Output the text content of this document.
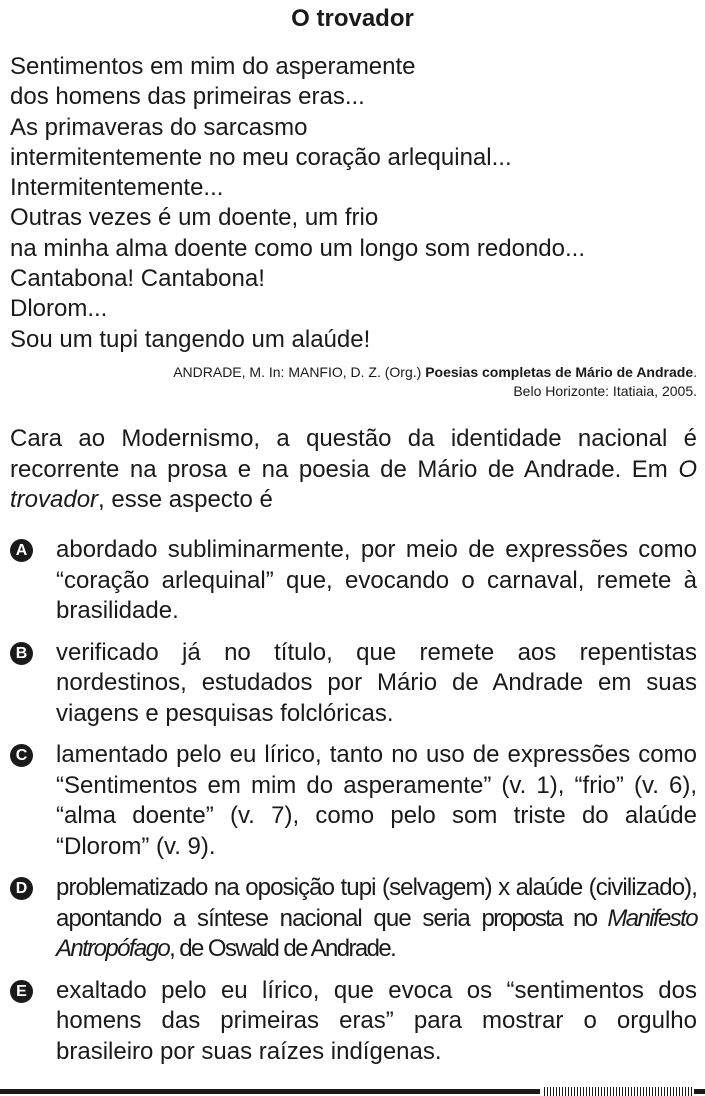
O trovador
Sentimentos em mim do asperamente
dos homens das primeiras eras...
As primaveras do sarcasmo
intermitentemente no meu coração arlequinal...
Intermitentemente...
Outras vezes é um doente, um frio
na minha alma doente como um longo som redondo...
Cantabona! Cantabona!
Dlorom...
Sou um tupi tangendo um alaúde!
ANDRADE, M. In: MANFIO, D. Z. (Org.) Poesias completas de Mário de Andrade.
Belo Horizonte: Itatiaia, 2005.
Cara ao Modernismo, a questão da identidade nacional é recorrente na prosa e na poesia de Mário de Andrade. Em O trovador, esse aspecto é
A abordado subliminarmente, por meio de expressões como “coração arlequinal” que, evocando o carnaval, remete à brasilidade.
B verificado já no título, que remete aos repentistas nordestinos, estudados por Mário de Andrade em suas viagens e pesquisas folclóricas.
C lamentado pelo eu lírico, tanto no uso de expressões como “Sentimentos em mim do asperamente” (v. 1), “frio” (v. 6), “alma doente” (v. 7), como pelo som triste do alaúde “Dlorom” (v. 9).
D problematizado na oposição tupi (selvagem) x alaúde (civilizado), apontando a síntese nacional que seria proposta no Manifesto Antropófago, de Oswald de Andrade.
E exaltado pelo eu lírico, que evoca os “sentimentos dos homens das primeiras eras” para mostrar o orgulho brasileiro por suas raízes indígenas.
